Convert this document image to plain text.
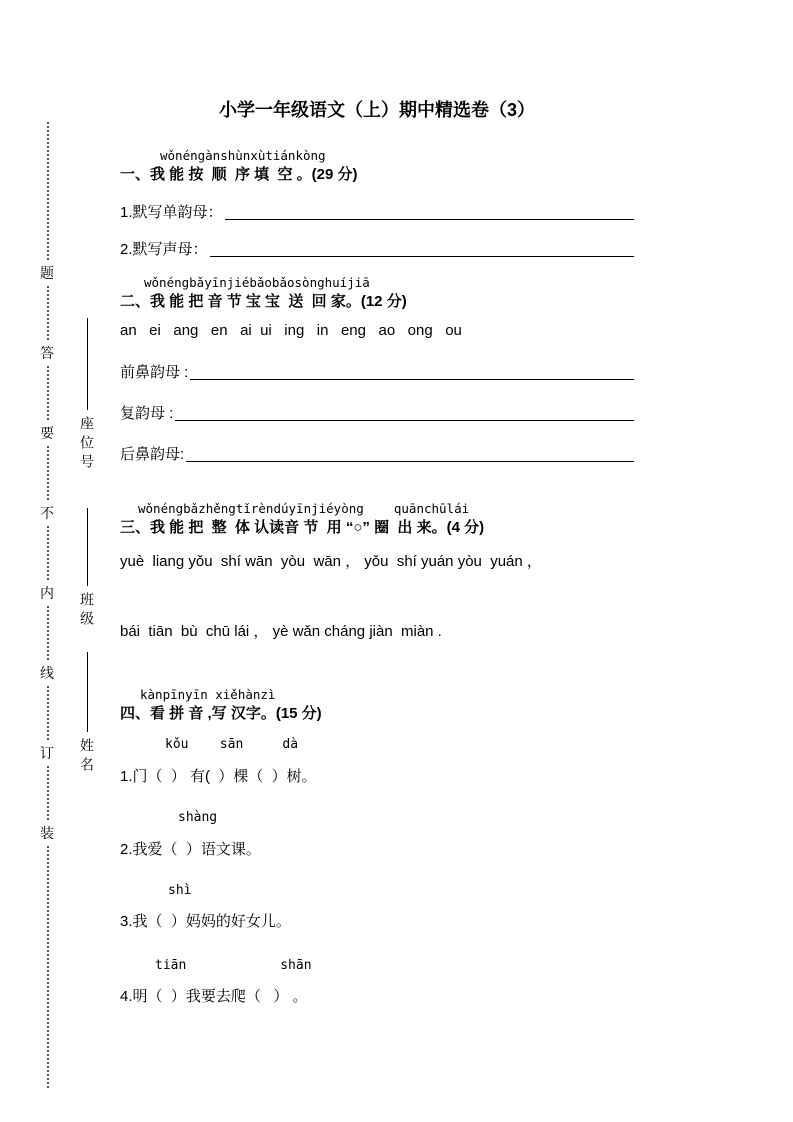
题
答
要
不
内
线
订
装
座位号
班级
姓名
小学一年级语文（上）期中精选卷（3）
wǒnéngànshùnxùtiánkòng
一、我 能 按  顺  序 填  空 。(29 分)
1.默写单韵母：
2.默写声母：
wǒnéngbǎyīnjiébǎobǎosònghuíjiā
二、我 能 把 音 节 宝 宝  送  回 家。(12 分)
an   ei   ang   en   ai  ui   ing   in   eng   ao   ong   ou
前鼻韵母 :
复韵母 :
后鼻韵母:
wǒnéngbǎzhěngtǐrèndúyīnjiéyòng    quānchūlái
三、我 能 把  整  体 认读音 节  用 “○” 圈  出 来。(4 分)
yuè  liang yǒu  shí wān  yòu  wān ， yǒu  shí yuán yòu  yuán ，
bái  tiān  bù  chū lái ， yè wǎn cháng jiàn  miàn .
kànpīnyīn xiěhànzì
四、看 拼 音 ,写 汉字。(15 分)
kǒu    sān     dà
1.门（  ） 有(  ）棵（  ）树。
shàng
2.我爱（  ）语文课。
shì
3.我（  ）妈妈的好女儿。
tiān            shān
4.明（  ）我要去爬（   ） 。
